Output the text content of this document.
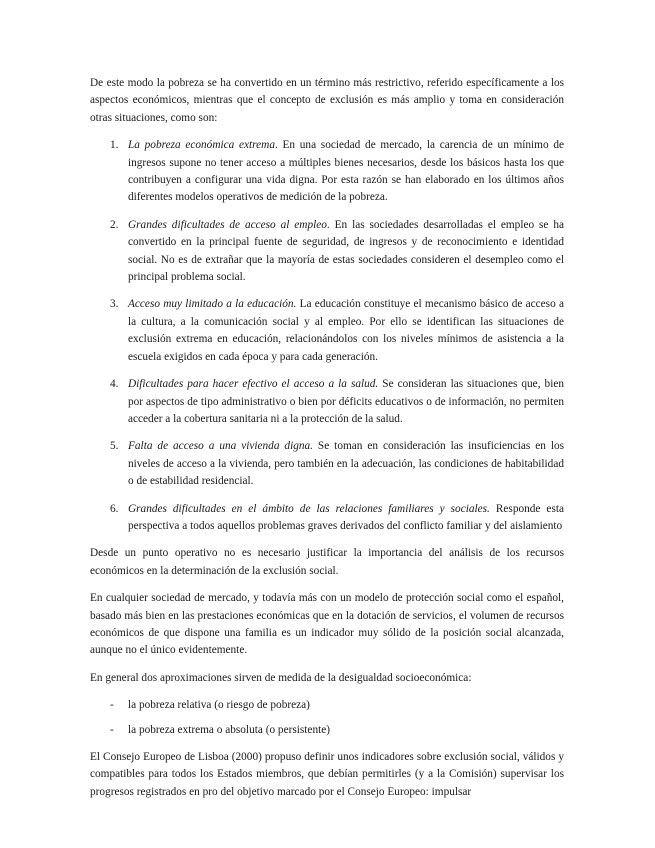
De este modo la pobreza se ha convertido en un término más restrictivo, referido específicamente a los aspectos económicos, mientras que el concepto de exclusión es más amplio y toma en consideración otras situaciones, como son:

1. La pobreza económica extrema. En una sociedad de mercado, la carencia de un mínimo de ingresos supone no tener acceso a múltiples bienes necesarios, desde los básicos hasta los que contribuyen a configurar una vida digna. Por esta razón se han elaborado en los últimos años diferentes modelos operativos de medición de la pobreza.
2. Grandes dificultades de acceso al empleo. En las sociedades desarrolladas el empleo se ha convertido en la principal fuente de seguridad, de ingresos y de reconocimiento e identidad social. No es de extrañar que la mayoría de estas sociedades consideren el desempleo como el principal problema social.
3. Acceso muy limitado a la educación. La educación constituye el mecanismo básico de acceso a la cultura, a la comunicación social y al empleo. Por ello se identifican las situaciones de exclusión extrema en educación, relacionándolos con los niveles mínimos de asistencia a la escuela exigidos en cada época y para cada generación.
4. Dificultades para hacer efectivo el acceso a la salud. Se consideran las situaciones que, bien por aspectos de tipo administrativo o bien por déficits educativos o de información, no permiten acceder a la cobertura sanitaria ni a la protección de la salud.
5. Falta de acceso a una vivienda digna. Se toman en consideración las insuficiencias en los niveles de acceso a la vivienda, pero también en la adecuación, las condiciones de habitabilidad o de estabilidad residencial.
6. Grandes dificultades en el ámbito de las relaciones familiares y sociales. Responde esta perspectiva a todos aquellos problemas graves derivados del conflicto familiar y del aislamiento

Desde un punto operativo no es necesario justificar la importancia del análisis de los recursos económicos en la determinación de la exclusión social.

En cualquier sociedad de mercado, y todavía más con un modelo de protección social como el español, basado más bien en las prestaciones económicas que en la dotación de servicios, el volumen de recursos económicos de que dispone una familia es un indicador muy sólido de la posición social alcanzada, aunque no el único evidentemente.

En general dos aproximaciones sirven de medida de la desigualdad socioeconómica:

- la pobreza relativa (o riesgo de pobreza)
- la pobreza extrema o absoluta (o persistente)

El Consejo Europeo de Lisboa (2000) propuso definir unos indicadores sobre exclusión social, válidos y compatibles para todos los Estados miembros, que debían permitirles (y a la Comisión) supervisar los progresos registrados en pro del objetivo marcado por el Consejo Europeo: impulsar
